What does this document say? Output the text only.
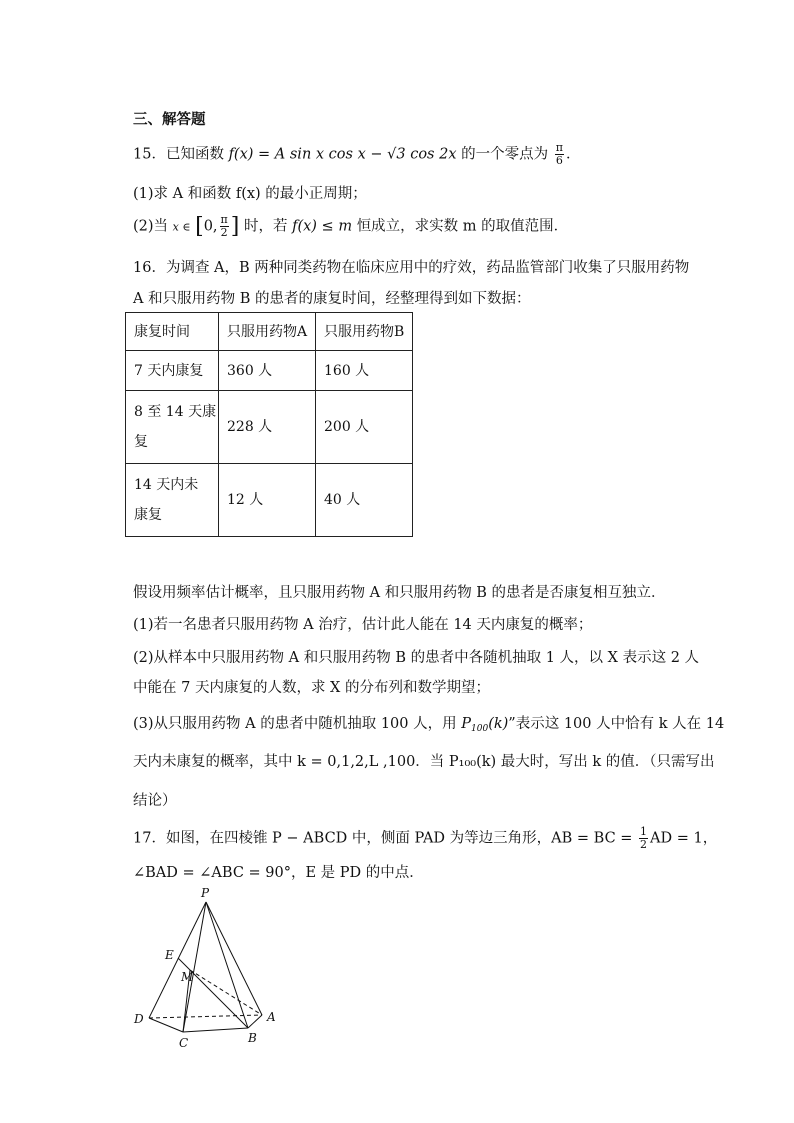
三、解答题
15．已知函数 f(x) = A sin x cos x − √3 cos 2x 的一个零点为 $\frac{\pi}{6}$ ．
(1)求 A 和函数 f(x) 的最小正周期；
(2)当 x ∈ [0, $\frac{\pi}{2}$ ] 时，若 f(x) ≤ m 恒成立，求实数 m 的取值范围．
16．为调查 A，B 两种同类药物在临床应用中的疗效，药品监管部门收集了只服用药物
A 和只服用药物 B 的患者的康复时间，经整理得到如下数据：
康复时间	只服用药物A	只服用药物B
7 天内康复	360 人	160 人

8 至 14 天康
复	228 人	200 人

14 天内未
康复	12 人	40 人
假设用频率估计概率，且只服用药物 A 和只服用药物 B 的患者是否康复相互独立．
(1)若一名患者只服用药物 A 治疗，估计此人能在 14 天内康复的概率；
(2)从样本中只服用药物 A 和只服用药物 B 的患者中各随机抽取 1 人，以 X 表示这 2 人
中能在 7 天内康复的人数，求 X 的分布列和数学期望；
(3)从只服用药物 A 的患者中随机抽取 100 人，用 $P_{100}(k)$”表示这 100 人中恰有 k 人在 14
天内未康复的概率，其中 k = 0,1,2,L ,100．当 P₁₀₀(k) 最大时，写出 k 的值．（只需写出
结论）
17．如图，在四棱锥 P − ABCD 中，侧面 PAD 为等边三角形，AB = BC = $\frac{1}{2}$ AD = 1，
∠BAD = ∠ABC = 90°，E 是 PD 的中点．
P
E
M
D	A
C	B
